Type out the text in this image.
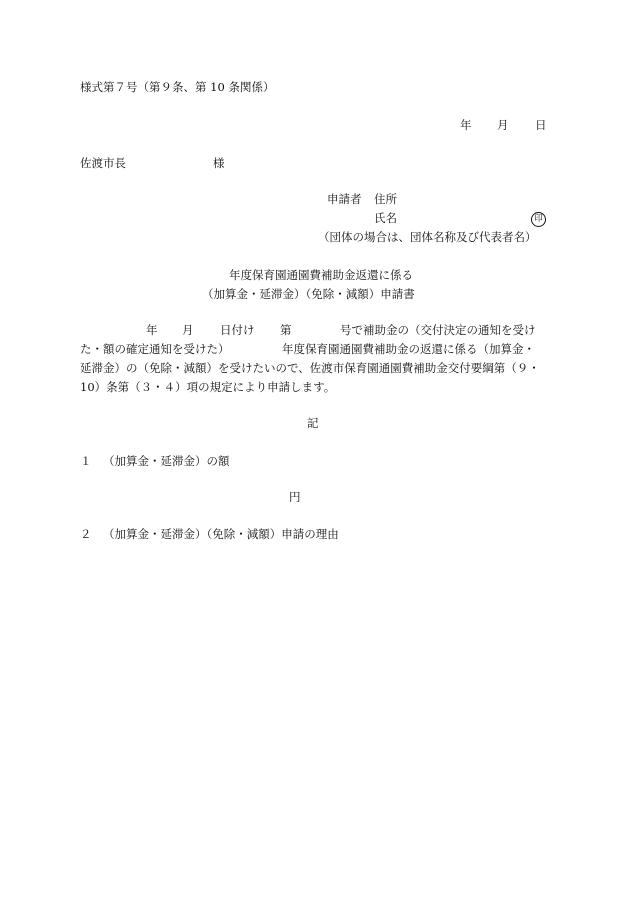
様式第７号（第９条、第 10 条関係）
年 月 日
佐渡市長	様
申請者 住所
氏名	印
（団体の場合は、団体名称及び代表者名）
年度保育園通園費補助金返還に係る
（加算金・延滞金）（免除・減額）申請書
年 月 日付け 第	号で補助金の（交付決定の通知を受け
た・額の確定通知を受けた）	年度保育園通園費補助金の返還に係る（加算金・
延滞金）の（免除・減額）を受けたいので、佐渡市保育園通園費補助金交付要綱第（９・
10）条第（３・４）項の規定により申請します。
記
１ （加算金・延滞金）の額
円
２ （加算金・延滞金）（免除・減額）申請の理由
